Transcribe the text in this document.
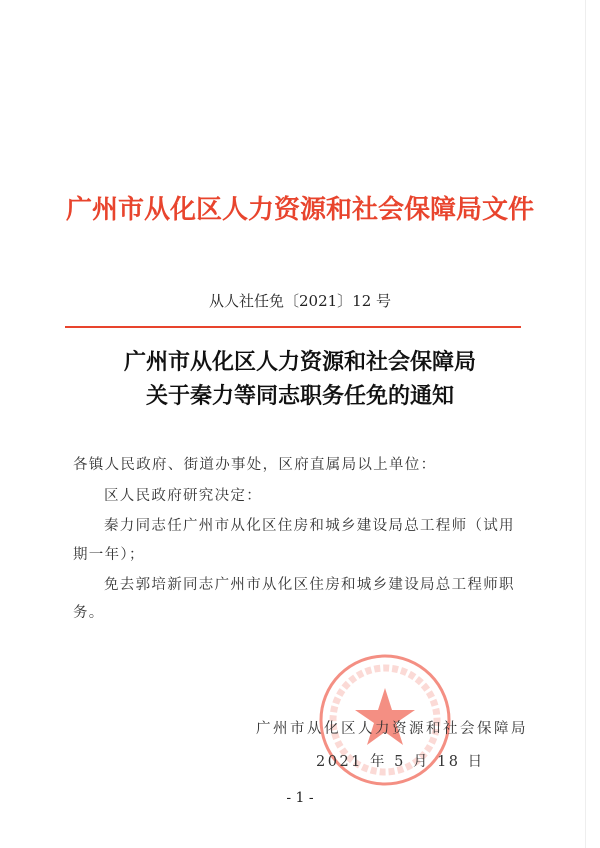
广州市从化区人力资源和社会保障局文件
从人社任免〔2021〕12 号
广州市从化区人力资源和社会保障局
关于秦力等同志职务任免的通知
各镇人民政府、街道办事处，区府直属局以上单位：
区人民政府研究决定：
秦力同志任广州市从化区住房和城乡建设局总工程师（试用
期一年）；
免去郭培新同志广州市从化区住房和城乡建设局总工程师职
务。
广州市从化区人力资源和社会保障局
2021 年 5 月 18 日
- 1 -
